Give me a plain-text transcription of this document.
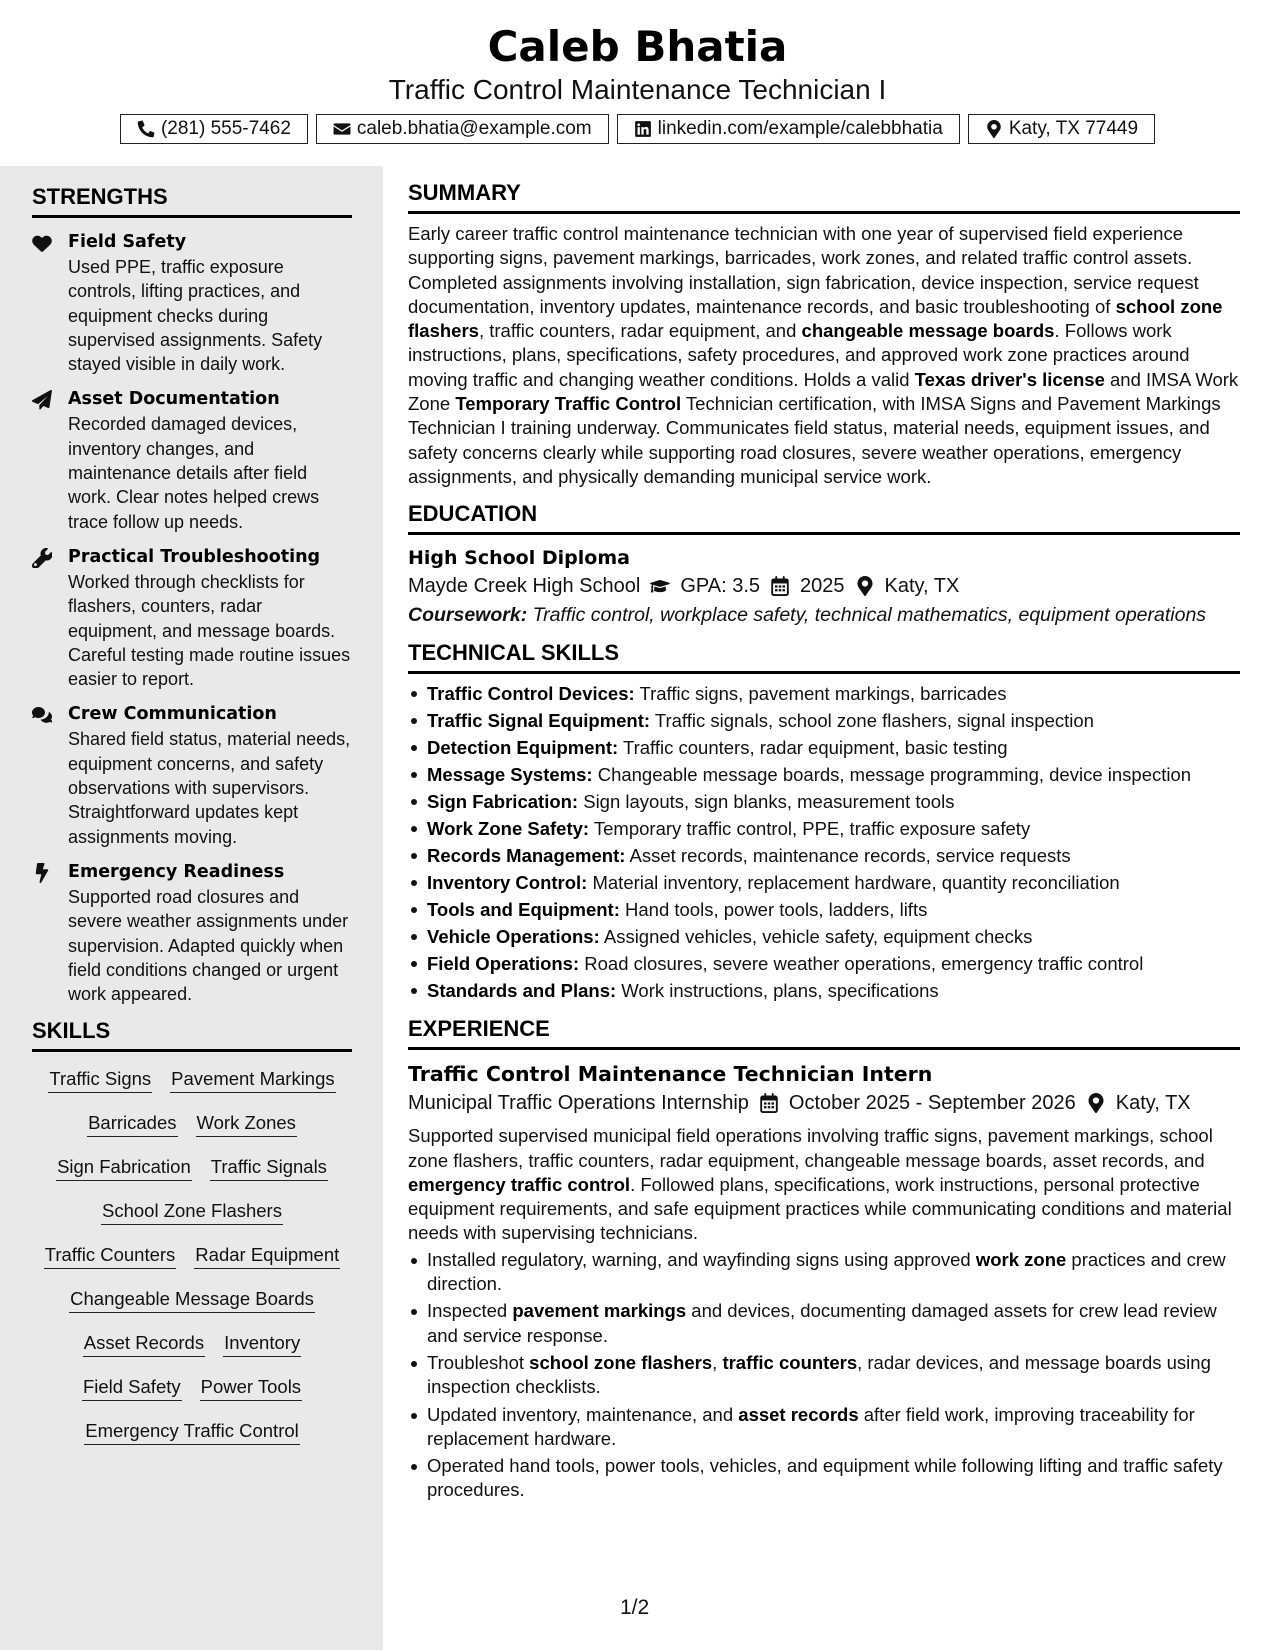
Caleb Bhatia
Traffic Control Maintenance Technician I
(281) 555-7462	caleb.bhatia@example.com	linkedin.com/example/calebbhatia	Katy, TX 77449
STRENGTHS
Field Safety
Used PPE, traffic exposure controls, lifting practices, and equipment checks during supervised assignments. Safety stayed visible in daily work.
Asset Documentation
Recorded damaged devices, inventory changes, and maintenance details after field work. Clear notes helped crews trace follow up needs.
Practical Troubleshooting
Worked through checklists for flashers, counters, radar equipment, and message boards. Careful testing made routine issues easier to report.
Crew Communication
Shared field status, material needs, equipment concerns, and safety observations with supervisors. Straightforward updates kept assignments moving.
Emergency Readiness
Supported road closures and severe weather assignments under supervision. Adapted quickly when field conditions changed or urgent work appeared.
SKILLS
Traffic Signs Pavement Markings
Barricades Work Zones
Sign Fabrication Traffic Signals
School Zone Flashers
Traffic Counters Radar Equipment
Changeable Message Boards
Asset Records Inventory
Field Safety Power Tools
Emergency Traffic Control
SUMMARY
Early career traffic control maintenance technician with one year of supervised field experience supporting signs, pavement markings, barricades, work zones, and related traffic control assets. Completed assignments involving installation, sign fabrication, device inspection, service request documentation, inventory updates, maintenance records, and basic troubleshooting of school zone flashers, traffic counters, radar equipment, and changeable message boards. Follows work instructions, plans, specifications, safety procedures, and approved work zone practices around moving traffic and changing weather conditions. Holds a valid Texas driver's license and IMSA Work Zone Temporary Traffic Control Technician certification, with IMSA Signs and Pavement Markings Technician I training underway. Communicates field status, material needs, equipment issues, and safety concerns clearly while supporting road closures, severe weather operations, emergency assignments, and physically demanding municipal service work.
EDUCATION
High School Diploma
Mayde Creek High School GPA: 3.5 2025 Katy, TX
Coursework: Traffic control, workplace safety, technical mathematics, equipment operations
TECHNICAL SKILLS
Traffic Control Devices: Traffic signs, pavement markings, barricades
Traffic Signal Equipment: Traffic signals, school zone flashers, signal inspection
Detection Equipment: Traffic counters, radar equipment, basic testing
Message Systems: Changeable message boards, message programming, device inspection
Sign Fabrication: Sign layouts, sign blanks, measurement tools
Work Zone Safety: Temporary traffic control, PPE, traffic exposure safety
Records Management: Asset records, maintenance records, service requests
Inventory Control: Material inventory, replacement hardware, quantity reconciliation
Tools and Equipment: Hand tools, power tools, ladders, lifts
Vehicle Operations: Assigned vehicles, vehicle safety, equipment checks
Field Operations: Road closures, severe weather operations, emergency traffic control
Standards and Plans: Work instructions, plans, specifications
EXPERIENCE
Traffic Control Maintenance Technician Intern
Municipal Traffic Operations Internship October 2025 - September 2026 Katy, TX
Supported supervised municipal field operations involving traffic signs, pavement markings, school zone flashers, traffic counters, radar equipment, changeable message boards, asset records, and emergency traffic control. Followed plans, specifications, work instructions, personal protective equipment requirements, and safe equipment practices while communicating conditions and material needs with supervising technicians.
Installed regulatory, warning, and wayfinding signs using approved work zone practices and crew direction.
Inspected pavement markings and devices, documenting damaged assets for crew lead review and service response.
Troubleshot school zone flashers, traffic counters, radar devices, and message boards using inspection checklists.
Updated inventory, maintenance, and asset records after field work, improving traceability for replacement hardware.
Operated hand tools, power tools, vehicles, and equipment while following lifting and traffic safety procedures.
1/2
